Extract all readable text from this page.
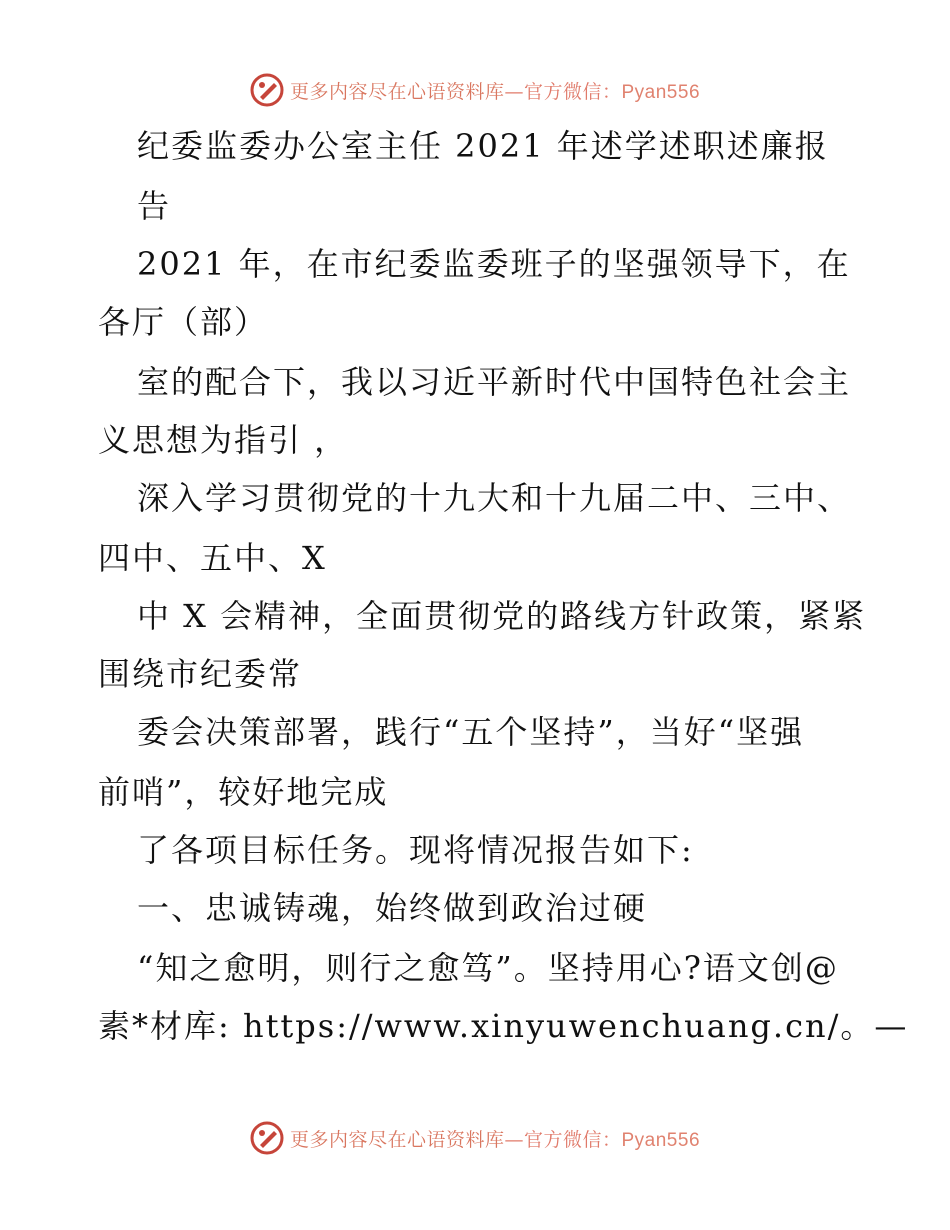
更多内容尽在心语资料库—官方微信：Pyan556
纪委监委办公室主任 2021 年述学述职述廉报
告
2021 年，在市纪委监委班子的坚强领导下，在
各厅（部）
室的配合下，我以习近平新时代中国特色社会主
义思想为指引 ，
深入学习贯彻党的十九大和十九届二中、三中、
四中、五中、X
中 X 会精神，全面贯彻党的路线方针政策，紧紧
围绕市纪委常
委会决策部署，践行“五个坚持”，当好“坚强
前哨”，较好地完成
了各项目标任务。现将情况报告如下:
一、忠诚铸魂，始终做到政治过硬
“知之愈明，则行之愈笃”。坚持用心?语文创@
素*材库: https://www.xinyuwenchuang.cn/。—
更多内容尽在心语资料库—官方微信：Pyan556
